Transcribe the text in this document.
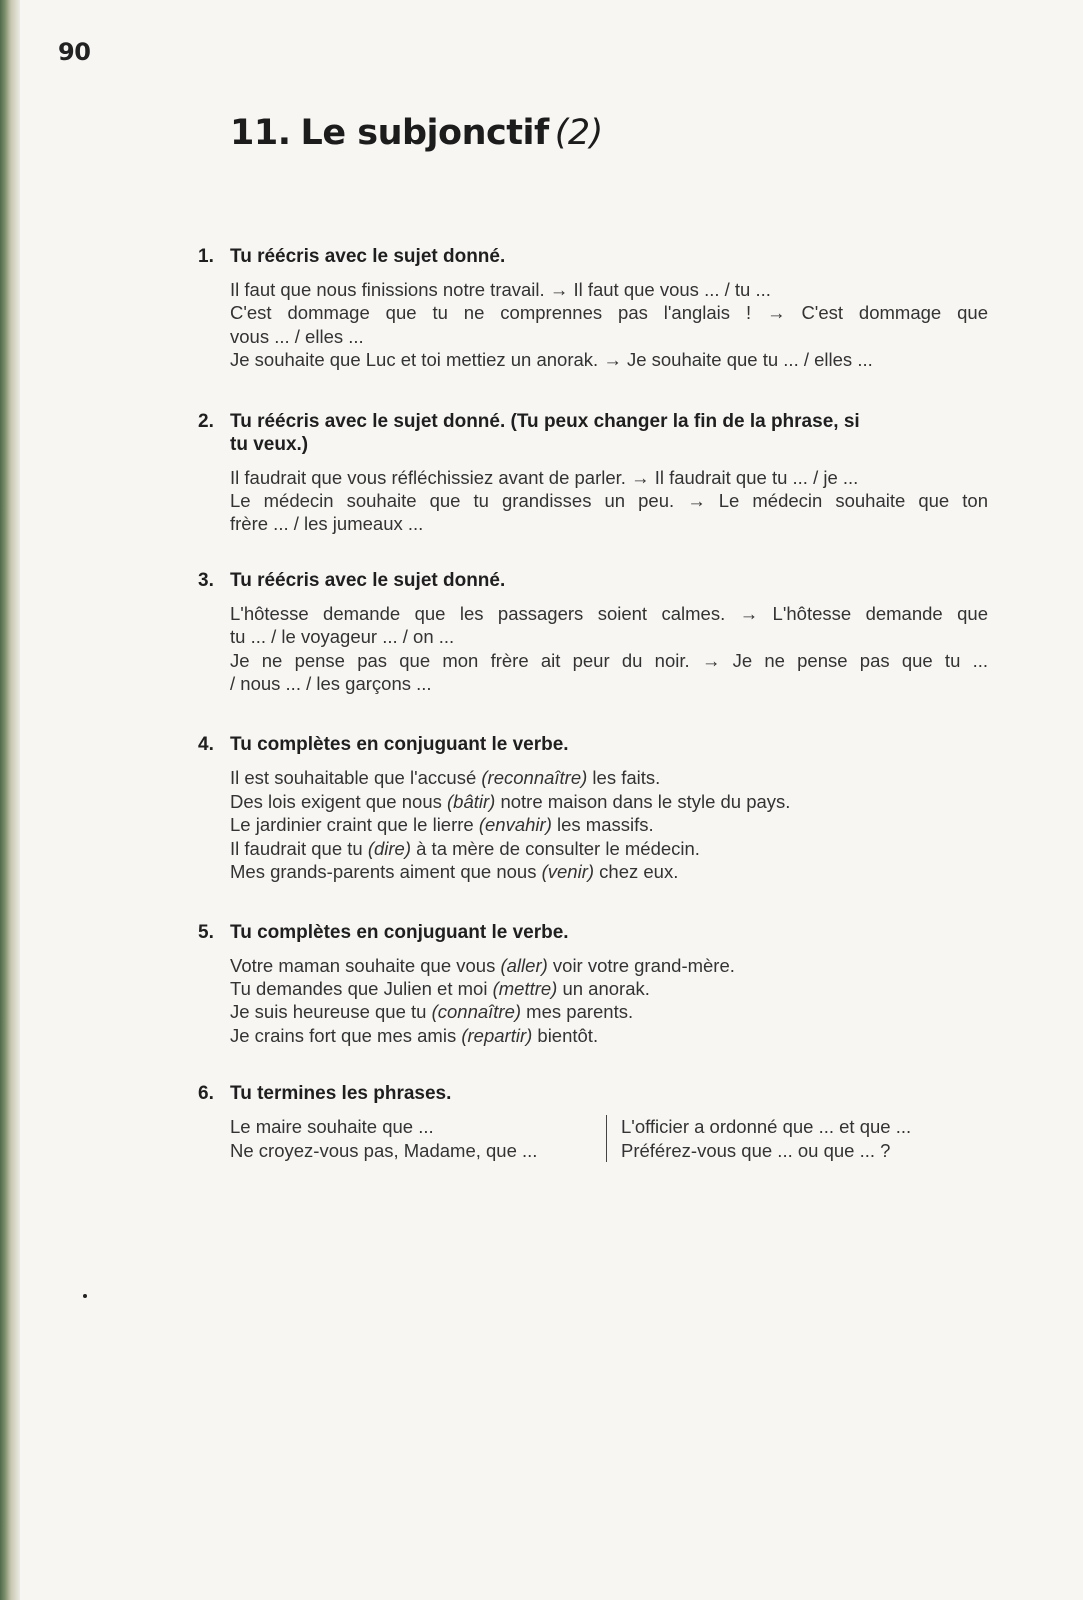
90
11. Le subjonctif (2)
1. Tu réécris avec le sujet donné.
Il faut que nous finissions notre travail. → Il faut que vous ... / tu ...
C'est dommage que tu ne comprennes pas l'anglais ! → C'est dommage que
vous ... / elles ...
Je souhaite que Luc et toi mettiez un anorak. → Je souhaite que tu ... / elles ...
2. Tu réécris avec le sujet donné. (Tu peux changer la fin de la phrase, si
tu veux.)
Il faudrait que vous réfléchissiez avant de parler. → Il faudrait que tu ... / je ...
Le médecin souhaite que tu grandisses un peu. → Le médecin souhaite que ton
frère ... / les jumeaux ...
3. Tu réécris avec le sujet donné.
L'hôtesse demande que les passagers soient calmes. → L'hôtesse demande que
tu ... / le voyageur ... / on ...
Je ne pense pas que mon frère ait peur du noir. → Je ne pense pas que tu ...
/ nous ... / les garçons ...
4. Tu complètes en conjuguant le verbe.
Il est souhaitable que l'accusé (reconnaître) les faits.
Des lois exigent que nous (bâtir) notre maison dans le style du pays.
Le jardinier craint que le lierre (envahir) les massifs.
Il faudrait que tu (dire) à ta mère de consulter le médecin.
Mes grands-parents aiment que nous (venir) chez eux.
5. Tu complètes en conjuguant le verbe.
Votre maman souhaite que vous (aller) voir votre grand-mère.
Tu demandes que Julien et moi (mettre) un anorak.
Je suis heureuse que tu (connaître) mes parents.
Je crains fort que mes amis (repartir) bientôt.
6. Tu termines les phrases.
Le maire souhaite que ...
Ne croyez-vous pas, Madame, que ...
L'officier a ordonné que ... et que ...
Préférez-vous que ... ou que ... ?
